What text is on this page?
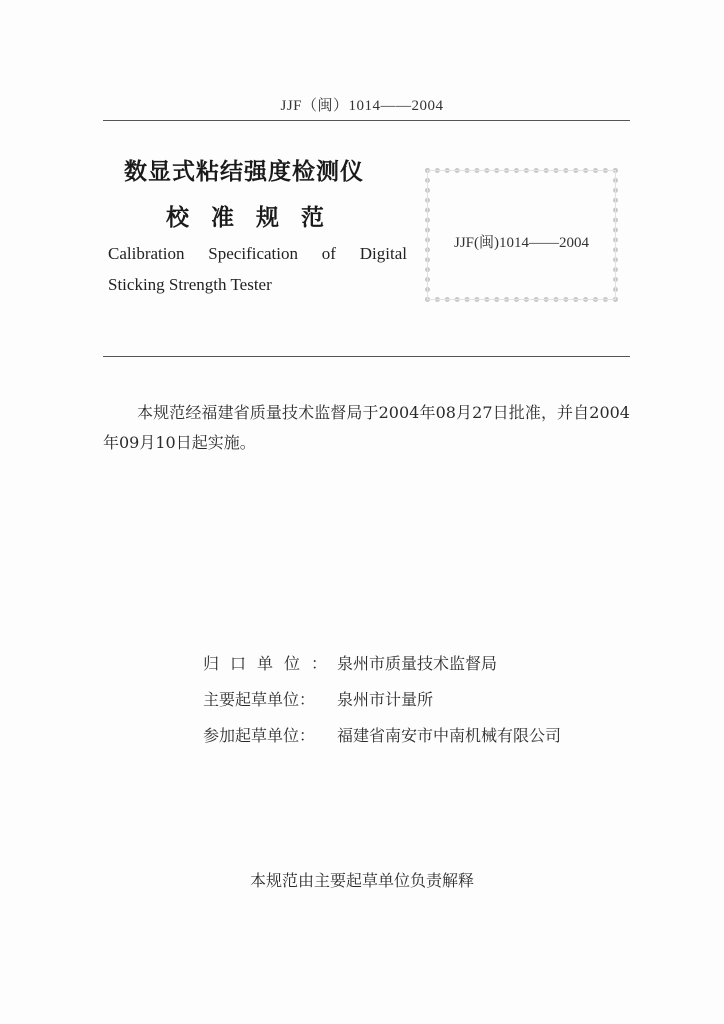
JJF（闽）1014——2004
数显式粘结强度检测仪
校准规范
Calibration Specification of Digital
Sticking Strength Tester
JJF(闽)1014——2004
本规范经福建省质量技术监督局于2004年08月27日批准，并自2004年09月10日起实施。
归口单位：
泉州市质量技术监督局
主要起草单位： 泉州市计量所
参加起草单位： 福建省南安市中南机械有限公司
本规范由主要起草单位负责解释
